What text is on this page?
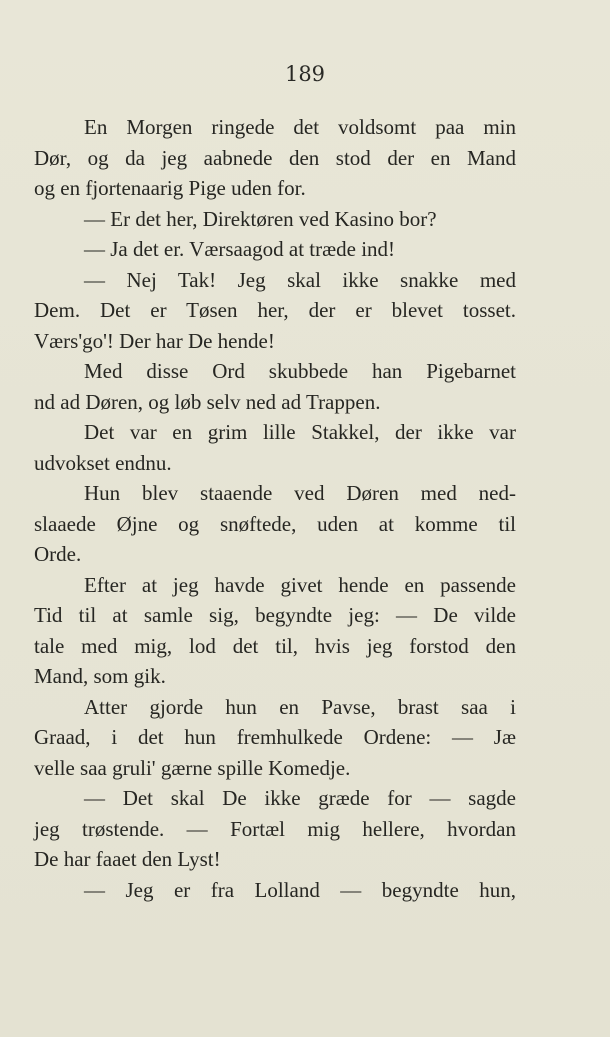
189
En Morgen ringede det voldsomt paa min
Dør, og da jeg aabnede den stod der en Mand
og en fjortenaarig Pige uden for.
— Er det her, Direktøren ved Kasino bor?
— Ja det er. Værsaagod at træde ind!
— Nej Tak! Jeg skal ikke snakke med
Dem. Det er Tøsen her, der er blevet tosset.
Værs'go'! Der har De hende!
Med disse Ord skubbede han Pigebarnet
nd ad Døren, og løb selv ned ad Trappen.
Det var en grim lille Stakkel, der ikke var
udvokset endnu.
Hun blev staaende ved Døren med ned-
slaaede Øjne og snøftede, uden at komme til
Orde.
Efter at jeg havde givet hende en passende
Tid til at samle sig, begyndte jeg: — De vilde
tale med mig, lod det til, hvis jeg forstod den
Mand, som gik.
Atter gjorde hun en Pavse, brast saa i
Graad, i det hun fremhulkede Ordene: — Jæ
velle saa gruli' gærne spille Komedje.
— Det skal De ikke græde for — sagde
jeg trøstende. — Fortæl mig hellere, hvordan
De har faaet den Lyst!
— Jeg er fra Lolland — begyndte hun,
